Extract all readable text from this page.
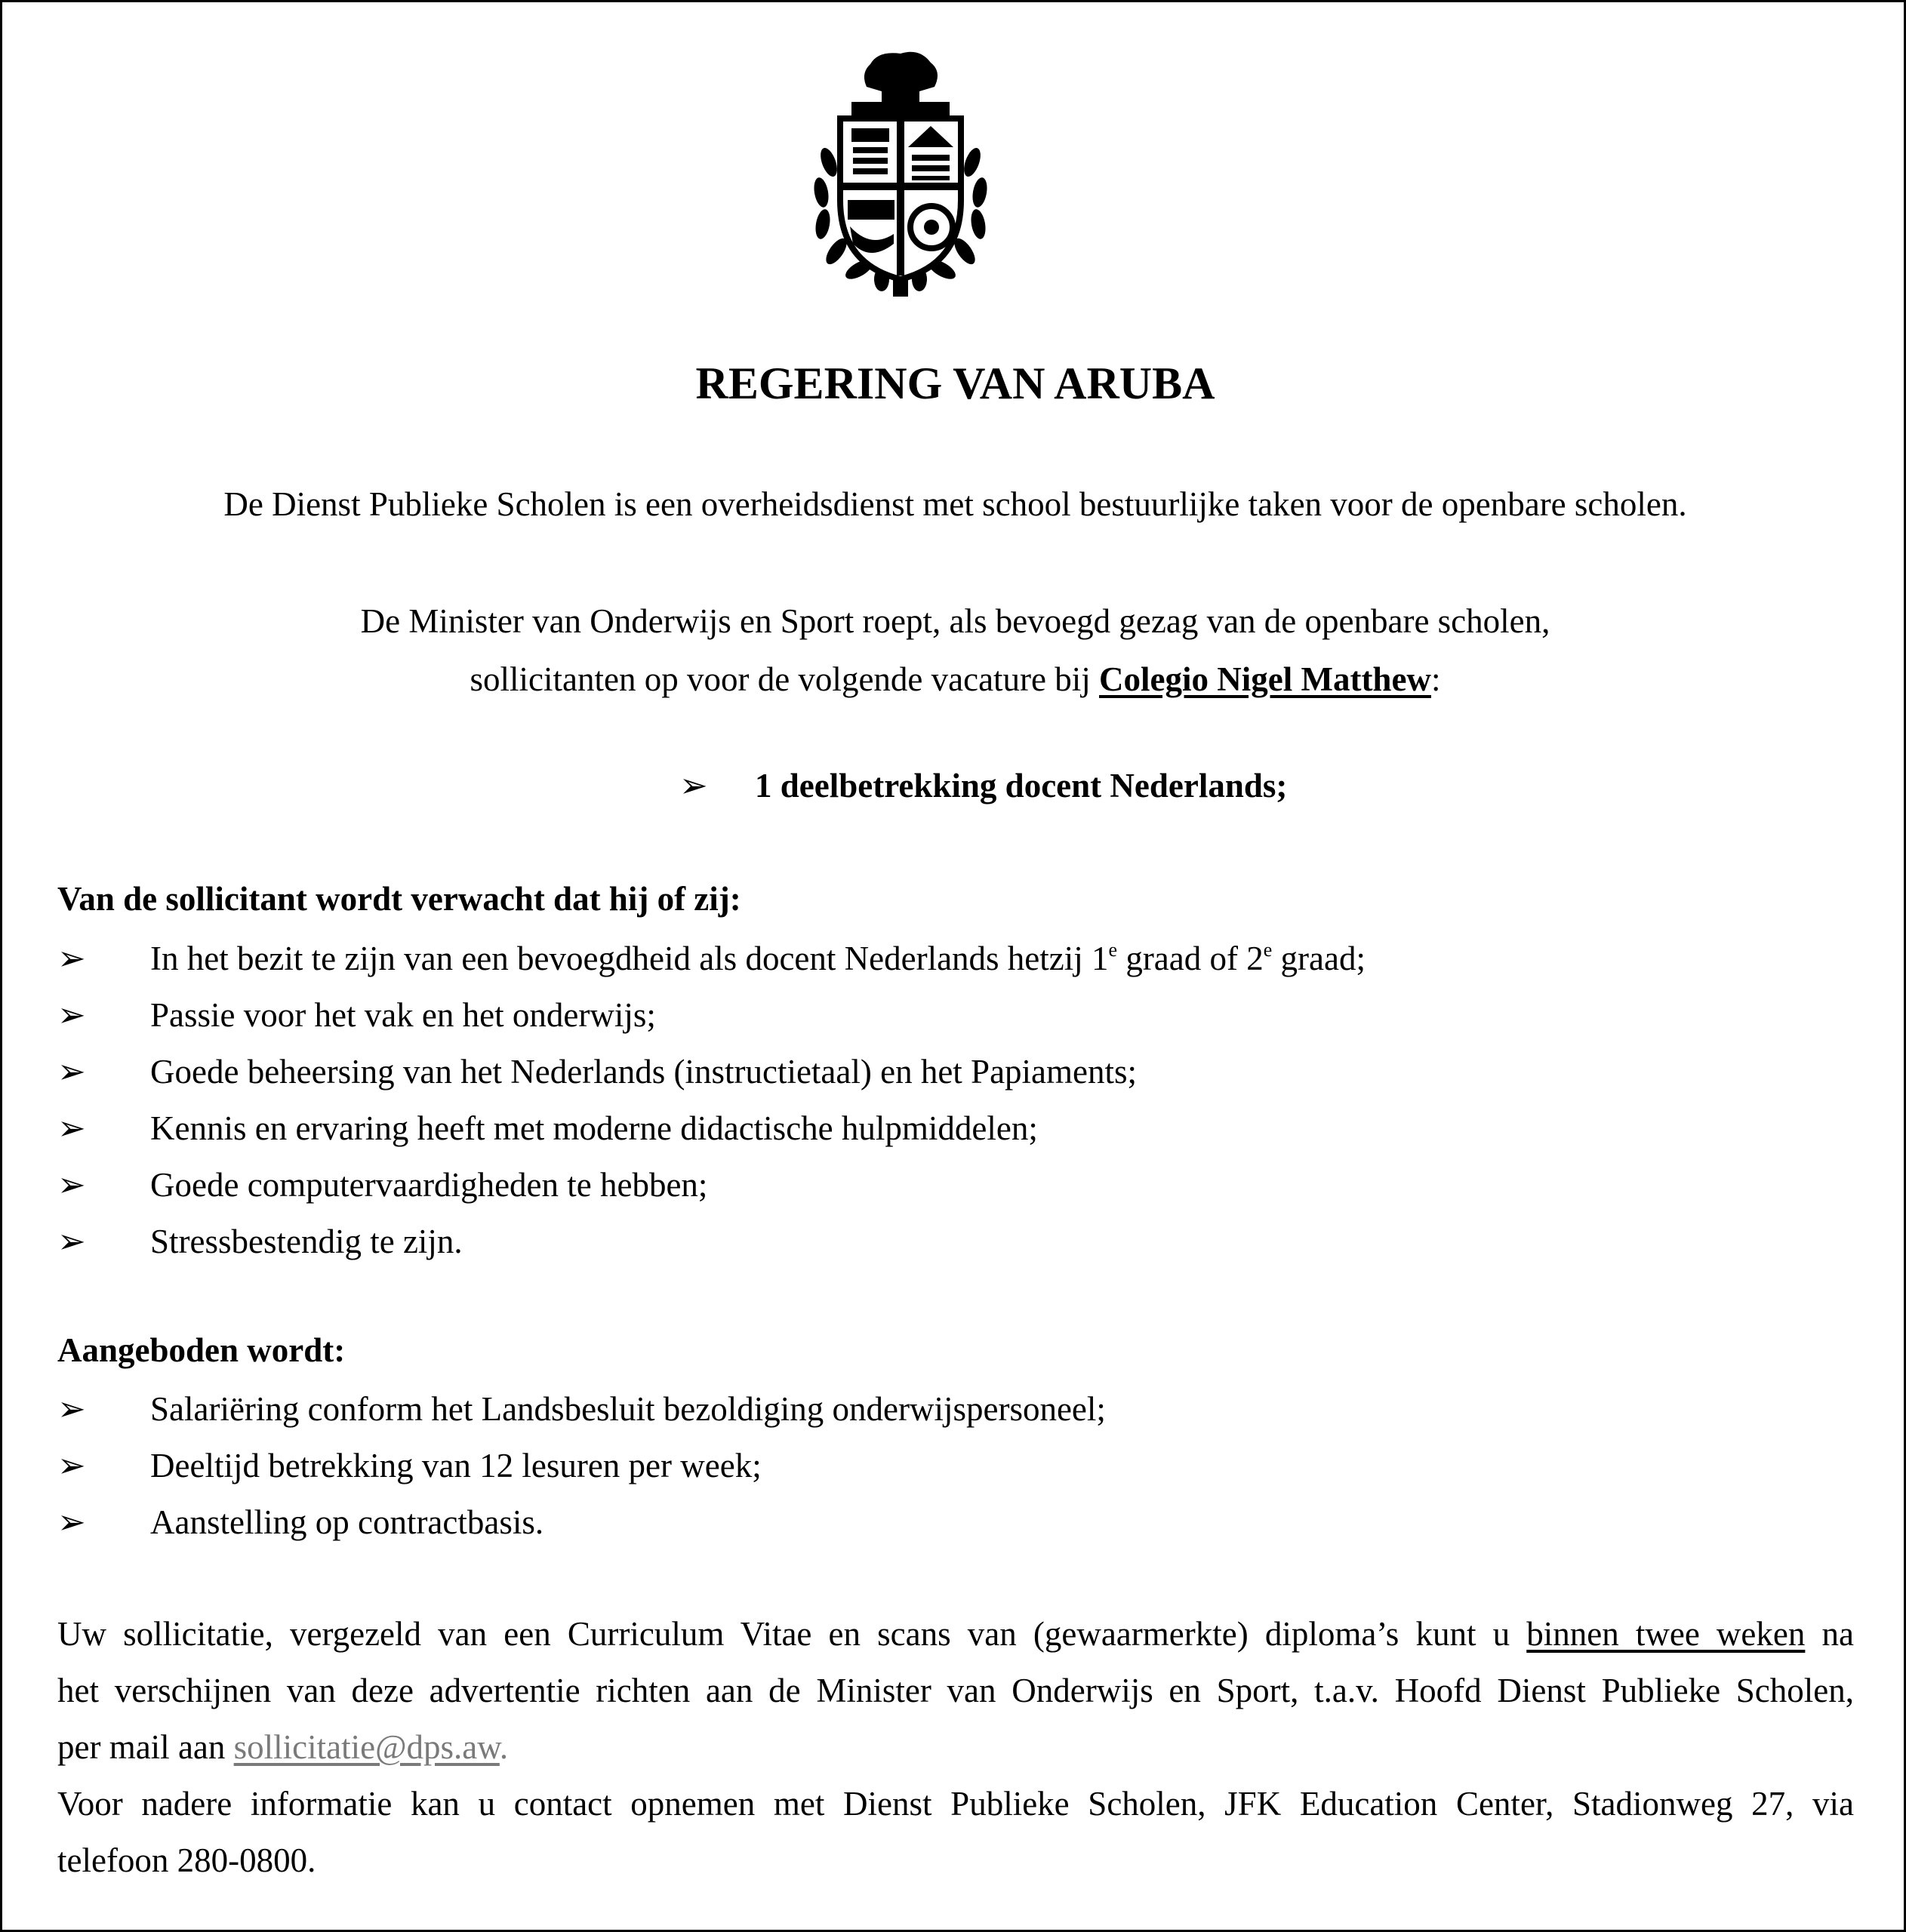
REGERING VAN ARUBA
De Dienst Publieke Scholen is een overheidsdienst met school bestuurlijke taken voor de openbare scholen.
De Minister van Onderwijs en Sport roept, als bevoegd gezag van de openbare scholen,
sollicitanten op voor de volgende vacature bij Colegio Nigel Matthew:
➢ 1 deelbetrekking docent Nederlands;
Van de sollicitant wordt verwacht dat hij of zij:
➢	In het bezit te zijn van een bevoegdheid als docent Nederlands hetzij 1e graad of 2e graad;
➢	Passie voor het vak en het onderwijs;
➢	Goede beheersing van het Nederlands (instructietaal) en het Papiaments;
➢	Kennis en ervaring heeft met moderne didactische hulpmiddelen;
➢	Goede computervaardigheden te hebben;
➢	Stressbestendig te zijn.
Aangeboden wordt:
➢	Salariëring conform het Landsbesluit bezoldiging onderwijspersoneel;
➢	Deeltijd betrekking van 12 lesuren per week;
➢	Aanstelling op contractbasis.

Uw sollicitatie, vergezeld van een Curriculum Vitae en scans van (gewaarmerkte) diploma’s kunt u binnen twee weken na

het verschijnen van deze advertentie richten aan de Minister van Onderwijs en Sport, t.a.v. Hoofd Dienst Publieke Scholen,

per mail aan sollicitatie@dps.aw.

Voor nadere informatie kan u contact opnemen met Dienst Publieke Scholen, JFK Education Center, Stadionweg 27, via

telefoon 280-0800.
